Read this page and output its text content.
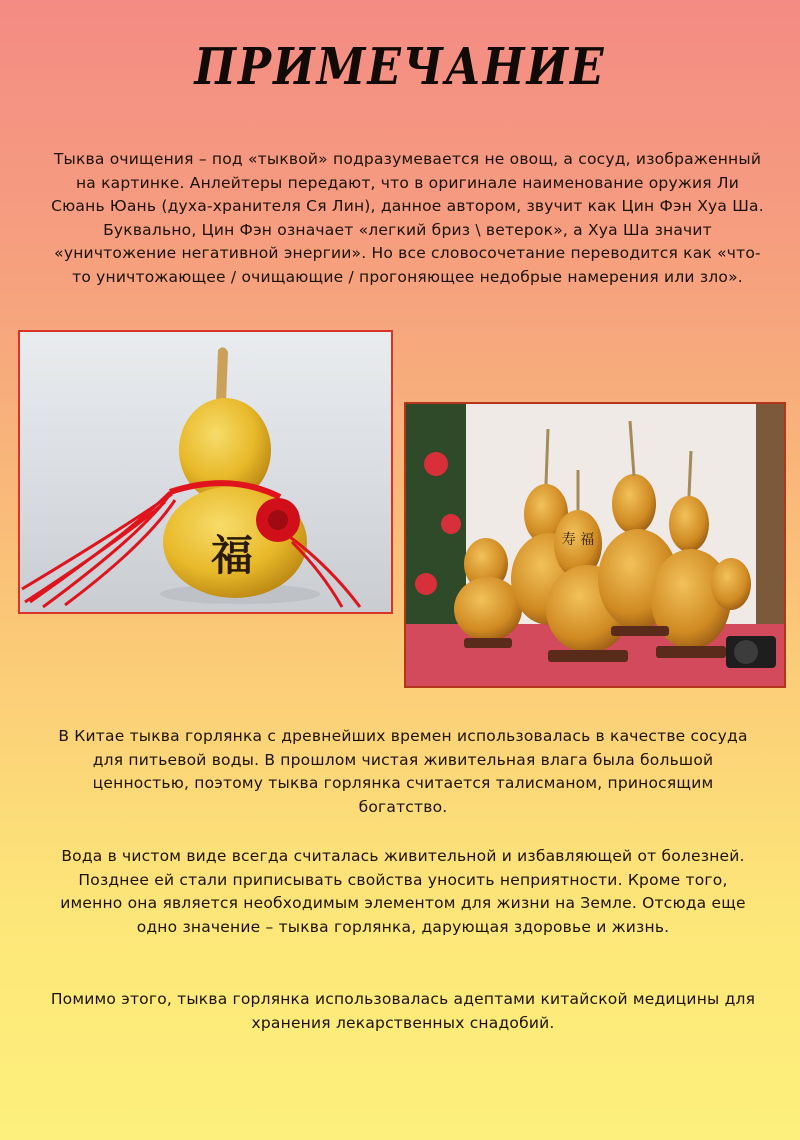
ПРИМЕЧАНИЕ

Тыква очищения – под «тыквой» подразумевается не овощ, а сосуд, изображенный на картинке. Анлейтеры передают, что в оригинале наименование оружия Ли Сюань Юань (духа-хранителя Ся Лин), данное автором, звучит как Цин Фэн Хуа Ша. Буквально, Цин Фэн означает «легкий бриз \ ветерок», а Хуа Ша значит «уничтожение негативной энергии». Но все словосочетание переводится как «что-то уничтожающее / очищающие / прогоняющее недобрые намерения или зло».

福	寿 福

В Китае тыква горлянка с древнейших времен использовалась в качестве сосуда для питьевой воды. В прошлом чистая живительная влага была большой ценностью, поэтому тыква горлянка считается талисманом, приносящим богатство.

Вода в чистом виде всегда считалась живительной и избавляющей от болезней. Позднее ей стали приписывать свойства уносить неприятности. Кроме того, именно она является необходимым элементом для жизни на Земле. Отсюда еще одно значение – тыква горлянка, дарующая здоровье и жизнь.

Помимо этого, тыква горлянка использовалась адептами китайской медицины для хранения лекарственных снадобий.
